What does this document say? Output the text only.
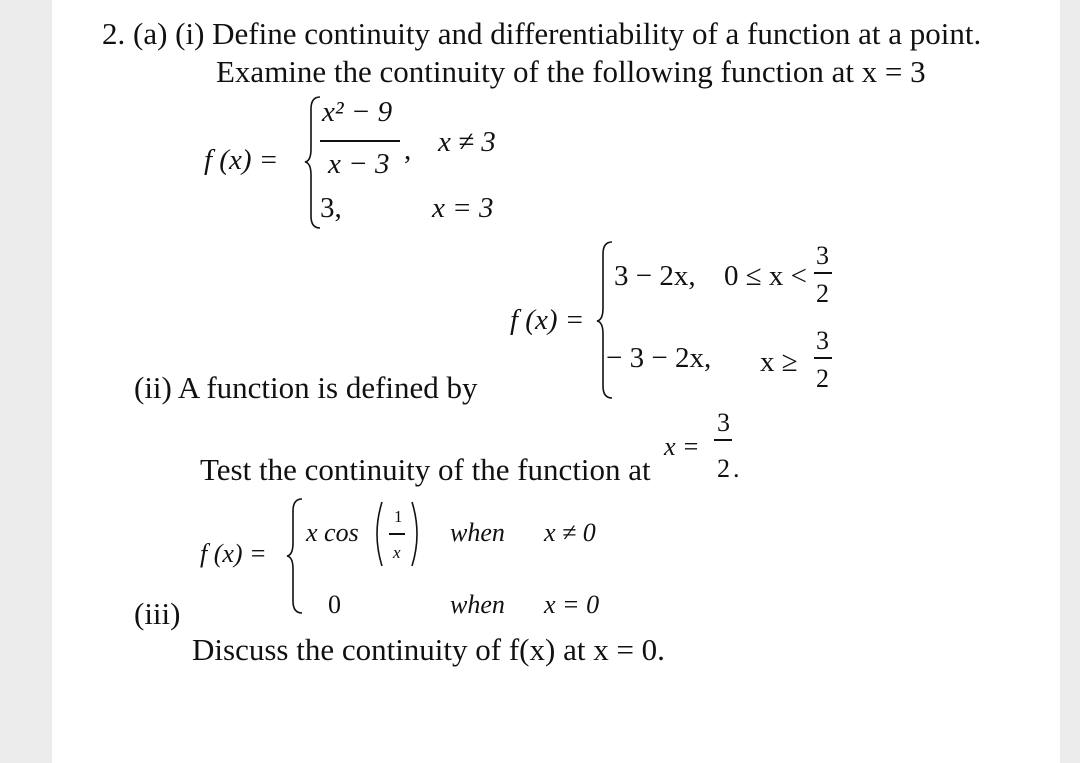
2. (a) (i) Define continuity and differentiability of a function at a point.
Examine the continuity of the following function at x = 3
f (x) =
x² − 9
x − 3 , x ≠ 3
3,	x = 3
f (x) =
3 − 2x, 0 ≤ x <
3
2
− 3 − 2x, x ≥
3
2
(ii) A function is defined by
x =
3
2 .
Test the continuity of the function at
f (x) =
x cos
1
x
when x ≠ 0
0	when x = 0
(iii)
Discuss the continuity of f(x) at x = 0.
